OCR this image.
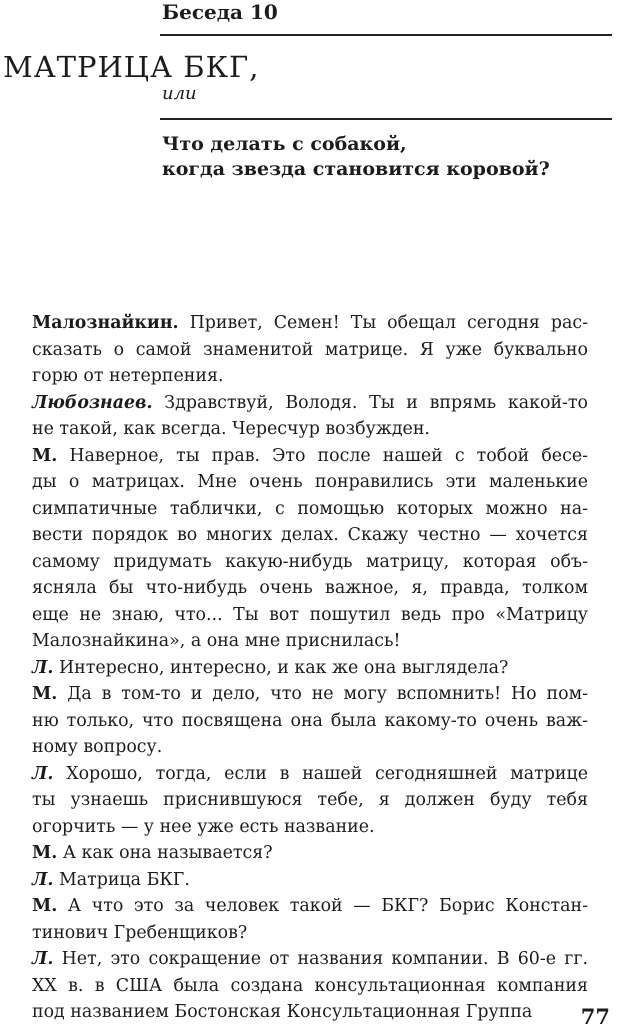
Беседа 10
МАТРИЦА БКГ,
или
Что делать с собакой,
когда звезда становится коровой?
Малознайкин. Привет, Семен! Ты обещал сегодня рас-
сказать о самой знаменитой матрице. Я уже буквально
горю от нетерпения.
Любознаев. Здравствуй, Володя. Ты и впрямь какой-то
не такой, как всегда. Чересчур возбужден.
М. Наверное, ты прав. Это после нашей с тобой бесе-
ды о матрицах. Мне очень понравились эти маленькие
симпатичные таблички, с помощью которых можно на-
вести порядок во многих делах. Скажу честно — хочется
самому придумать какую-нибудь матрицу, которая объ-
ясняла бы что-нибудь очень важное, я, правда, толком
еще не знаю, что... Ты вот пошутил ведь про «Матрицу
Малознайкина», а она мне приснилась!
Л. Интересно, интересно, и как же она выглядела?
М. Да в том-то и дело, что не могу вспомнить! Но пом-
ню только, что посвящена она была какому-то очень важ-
ному вопросу.
Л. Хорошо, тогда, если в нашей сегодняшней матрице
ты узнаешь приснившуюся тебе, я должен буду тебя
огорчить — у нее уже есть название.
М. А как она называется?
Л. Матрица БКГ.
М. А что это за человек такой — БКГ? Борис Констан-
тинович Гребенщиков?
Л. Нет, это сокращение от названия компании. В 60-е гг.
XX в. в США была создана консультационная компания
под названием Бостонская Консультационная Группа	77
